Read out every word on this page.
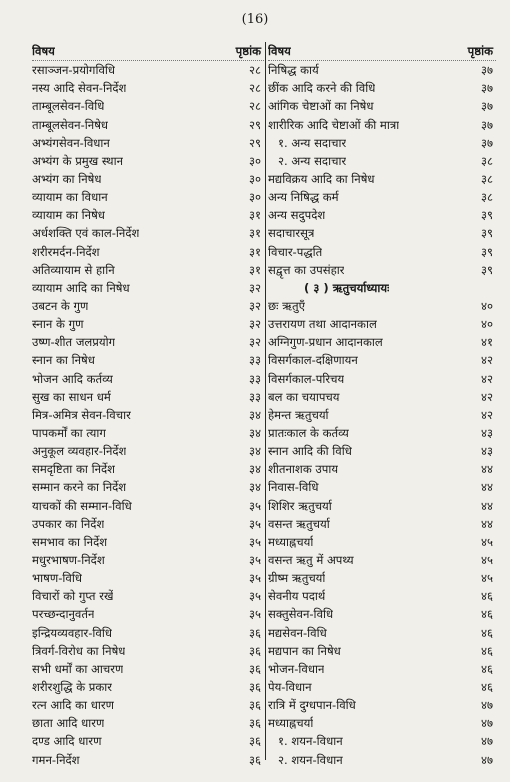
(16)
विषय	पृष्ठांक
रसाञ्जन-प्रयोगविधि	२८
नस्य आदि सेवन-निर्देश	२८
ताम्बूलसेवन-विधि	२८
ताम्बूलसेवन-निषेध	२९
अभ्यंगसेवन-विधान	२९
अभ्यंग के प्रमुख स्थान	३०
अभ्यंग का निषेध	३०
व्यायाम का विधान	३०
व्यायाम का निषेध	३१
अर्धशक्ति एवं काल-निर्देश	३१
शरीरमर्दन-निर्देश	३१
अतिव्यायाम से हानि	३१
व्यायाम आदि का निषेध	३२
उबटन के गुण	३२
स्नान के गुण	३२
उष्ण-शीत जलप्रयोग	३२
स्नान का निषेध	३३
भोजन आदि कर्तव्य	३३
सुख का साधन धर्म	३३
मित्र-अमित्र सेवन-विचार	३४
पापकर्मों का त्याग	३४
अनुकूल व्यवहार-निर्देश	३४
समदृष्टिता का निर्देश	३४
सम्मान करने का निर्देश	३४
याचकों की सम्मान-विधि	३५
उपकार का निर्देश	३५
समभाव का निर्देश	३५
मधुरभाषण-निर्देश	३५
भाषण-विधि	३५
विचारों को गुप्त रखें	३५
परच्छन्दानुवर्तन	३५
इन्द्रियव्यवहार-विधि	३६
त्रिवर्ग-विरोध का निषेध	३६
सभी धर्मों का आचरण	३६
शरीरशुद्धि के प्रकार	३६
रत्न आदि का धारण	३६
छाता आदि धारण	३६
दण्ड आदि धारण	३६
गमन-निर्देश	३६
विषय	पृष्ठांक
निषिद्ध कार्य	३७
छींक आदि करने की विधि	३७
आंगिक चेष्टाओं का निषेध	३७
शारीरिक आदि चेष्टाओं की मात्रा	३७
१. अन्य सदाचार	३७
२. अन्य सदाचार	३८
मद्यविक्रय आदि का निषेध	३८
अन्य निषिद्ध कर्म	३८
अन्य सदुपदेश	३९
सदाचारसूत्र	३९
विचार-पद्धति	३९
सद्वृत्त का उपसंहार	३९
( ३ ) ऋतुचर्याध्यायः
छः ऋतुएँ	४०
उत्तरायण तथा आदानकाल	४०
अग्निगुण-प्रधान आदानकाल	४१
विसर्गकाल-दक्षिणायन	४२
विसर्गकाल-परिचय	४२
बल का चयापचय	४२
हेमन्त ऋतुचर्या	४२
प्रातःकाल के कर्तव्य	४३
स्नान आदि की विधि	४३
शीतनाशक उपाय	४४
निवास-विधि	४४
शिशिर ऋतुचर्या	४४
वसन्त ऋतुचर्या	४४
मध्याह्नचर्या	४५
वसन्त ऋतु में अपथ्य	४५
ग्रीष्म ऋतुचर्या	४५
सेवनीय पदार्थ	४६
सक्तुसेवन-विधि	४६
मद्यसेवन-विधि	४६
मद्यपान का निषेध	४६
भोजन-विधान	४६
पेय-विधान	४६
रात्रि में दुग्धपान-विधि	४७
मध्याह्नचर्या	४७
१. शयन-विधान	४७
२. शयन-विधान	४७
